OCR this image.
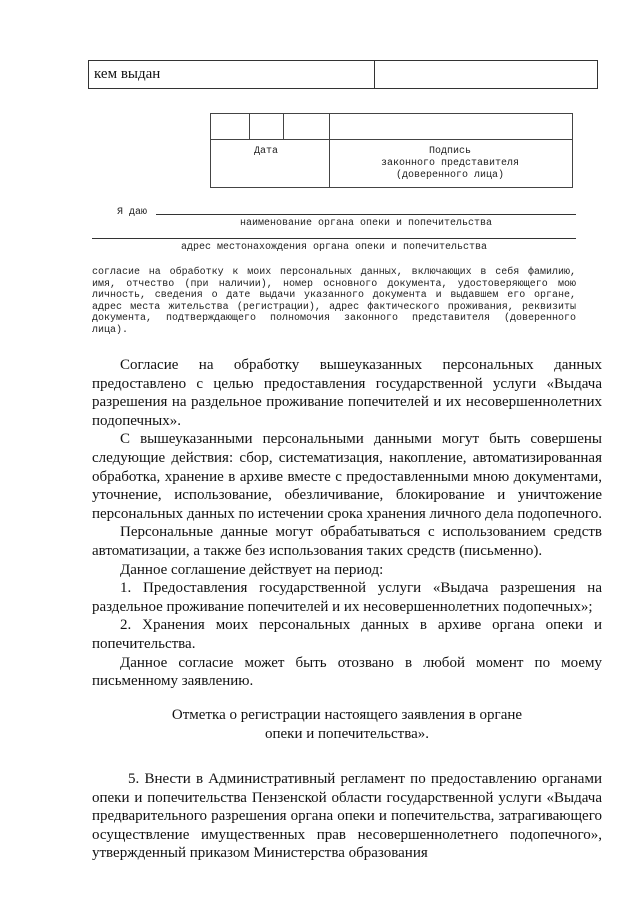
кем выдан
Дата	Подпись
законного представителя
(доверенного лица)
Я даю
наименование органа опеки и попечительства
адрес местонахождения органа опеки и попечительства
согласие на обработку к моих персональных данных, включающих в себя фамилию, имя, отчество (при наличии), номер основного документа, удостоверяющего мою личность, сведения о дате выдачи указанного документа и выдавшем его органе, адрес места жительства (регистрации), адрес фактического проживания, реквизиты документа, подтверждающего полномочия законного представителя (доверенного лица).

Согласие на обработку вышеуказанных персональных данных предоставлено с целью предоставления государственной услуги «Выдача разрешения на раздельное проживание попечителей и их несовершеннолетних подопечных».

С вышеуказанными персональными данными могут быть совершены следующие действия: сбор, систематизация, накопление, автоматизированная обработка, хранение в архиве вместе с предоставленными мною документами, уточнение, использование, обезличивание, блокирование и уничтожение персональных данных по истечении срока хранения личного дела подопечного.

Персональные данные могут обрабатываться с использованием средств автоматизации, а также без использования таких средств (письменно).

Данное соглашение действует на период:

1. Предоставления государственной услуги «Выдача разрешения на раздельное проживание попечителей и их несовершеннолетних подопечных»;

2. Хранения моих персональных данных в архиве органа опеки и попечительства.

Данное согласие может быть отозвано в любой момент по моему письменному заявлению.

Отметка о регистрации настоящего заявления в органе
опеки и попечительства».

5. Внести в Административный регламент по предоставлению органами опеки и попечительства Пензенской области государственной услуги «Выдача предварительного разрешения органа опеки и попечительства, затрагивающего осуществление имущественных прав несовершеннолетнего подопечного», утвержденный приказом Министерства образования
